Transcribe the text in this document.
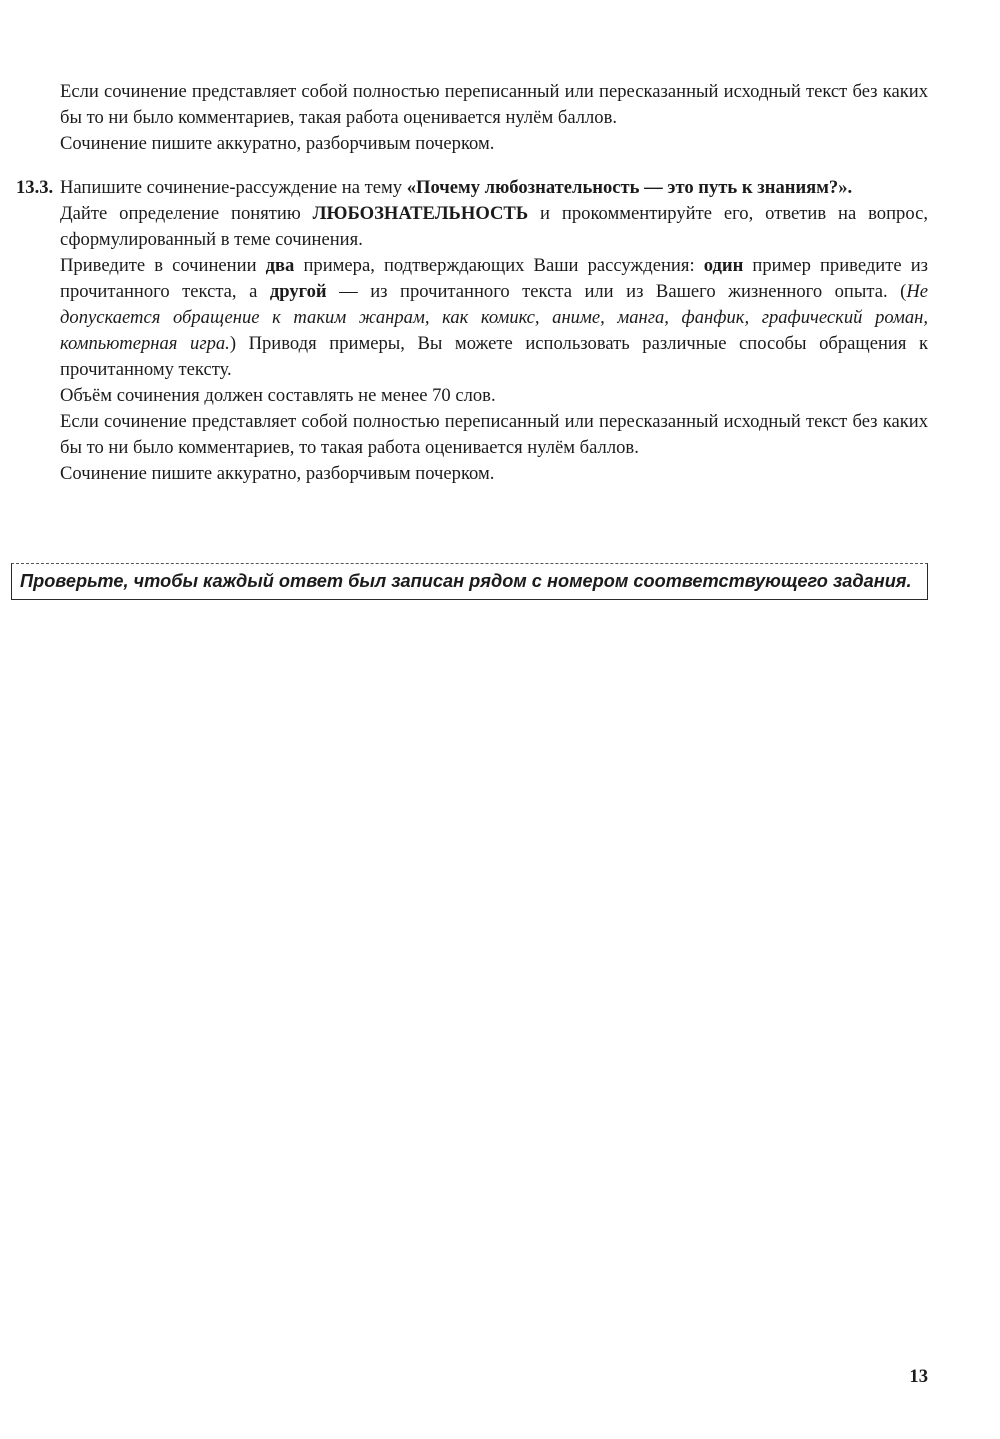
Если сочинение представляет собой полностью переписанный или пересказанный исходный текст без каких бы то ни было комментариев, такая работа оценивается нулём баллов.

Сочинение пишите аккуратно, разборчивым почерком.

13.3. Напишите сочинение-рассуждение на тему «Почему любознательность — это путь к знаниям?».

Дайте определение понятию ЛЮБОЗНАТЕЛЬНОСТЬ и прокомментируйте его, ответив на вопрос, сформулированный в теме сочинения.

Приведите в сочинении два примера, подтверждающих Ваши рассуждения: один пример приведите из прочитанного текста, а другой — из прочитанного текста или из Вашего жизненного опыта. (Не допускается обращение к таким жанрам, как комикс, аниме, манга, фанфик, графический роман, компьютерная игра.) Приводя примеры, Вы можете использовать различные способы обращения к прочитанному тексту.

Объём сочинения должен составлять не менее 70 слов.

Если сочинение представляет собой полностью переписанный или пересказанный исходный текст без каких бы то ни было комментариев, то такая работа оценивается нулём баллов.

Сочинение пишите аккуратно, разборчивым почерком.

Проверьте, чтобы каждый ответ был записан рядом с номером соответствующего задания.
13
